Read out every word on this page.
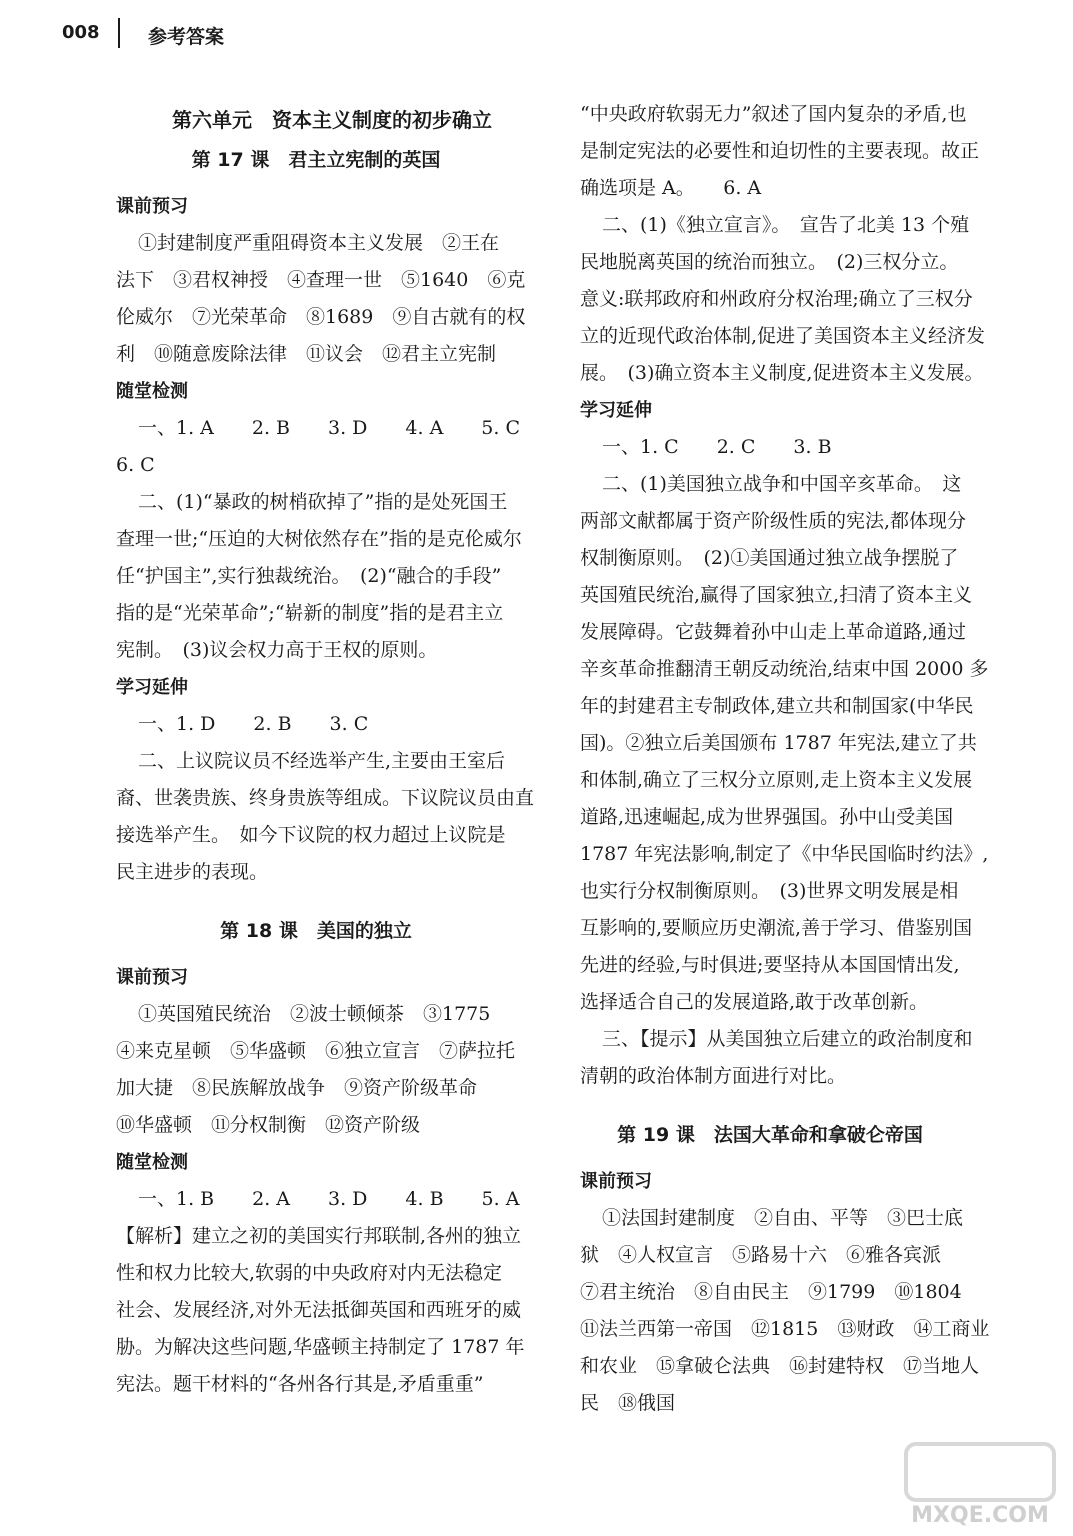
008	参考答案
第六单元　资本主义制度的初步确立
第 17 课　君主立宪制的英国
课前预习
①封建制度严重阻碍资本主义发展　②王在
法下　③君权神授　④查理一世　⑤1640　⑥克
伦威尔　⑦光荣革命　⑧1689　⑨自古就有的权
利　⑩随意废除法律　⑪议会　⑫君主立宪制
随堂检测
一、1. A　　2. B　　3. D　　4. A　　5. C
6. C
二、(1)“暴政的树梢砍掉了”指的是处死国王
查理一世;“压迫的大树依然存在”指的是克伦威尔
任“护国主”,实行独裁统治。　(2)“融合的手段”
指的是“光荣革命”;“崭新的制度”指的是君主立
宪制。　(3)议会权力高于王权的原则。
学习延伸
一、1. D　　2. B　　3. C
二、上议院议员不经选举产生,主要由王室后
裔、世袭贵族、终身贵族等组成。下议院议员由直
接选举产生。　如今下议院的权力超过上议院是
民主进步的表现。
第 18 课　美国的独立
课前预习
①英国殖民统治　②波士顿倾茶　③1775
④来克星顿　⑤华盛顿　⑥独立宣言　⑦萨拉托
加大捷　⑧民族解放战争　⑨资产阶级革命
⑩华盛顿　⑪分权制衡　⑫资产阶级
随堂检测
一、1. B　　2. A　　3. D　　4. B　　5. A
【解析】建立之初的美国实行邦联制,各州的独立
性和权力比较大,软弱的中央政府对内无法稳定
社会、发展经济,对外无法抵御英国和西班牙的威
胁。为解决这些问题,华盛顿主持制定了 1787 年
宪法。题干材料的“各州各行其是,矛盾重重”
“中央政府软弱无力”叙述了国内复杂的矛盾,也
是制定宪法的必要性和迫切性的主要表现。故正
确选项是 A。　　6. A
二、(1)《独立宣言》。　宣告了北美 13 个殖
民地脱离英国的统治而独立。　(2)三权分立。
意义:联邦政府和州政府分权治理;确立了三权分
立的近现代政治体制,促进了美国资本主义经济发
展。　(3)确立资本主义制度,促进资本主义发展。
学习延伸
一、1. C　　2. C　　3. B
二、(1)美国独立战争和中国辛亥革命。　这
两部文献都属于资产阶级性质的宪法,都体现分
权制衡原则。　(2)①美国通过独立战争摆脱了
英国殖民统治,赢得了国家独立,扫清了资本主义
发展障碍。它鼓舞着孙中山走上革命道路,通过
辛亥革命推翻清王朝反动统治,结束中国 2000 多
年的封建君主专制政体,建立共和制国家(中华民
国)。②独立后美国颁布 1787 年宪法,建立了共
和体制,确立了三权分立原则,走上资本主义发展
道路,迅速崛起,成为世界强国。孙中山受美国
1787 年宪法影响,制定了《中华民国临时约法》,
也实行分权制衡原则。　(3)世界文明发展是相
互影响的,要顺应历史潮流,善于学习、借鉴别国
先进的经验,与时俱进;要坚持从本国国情出发,
选择适合自己的发展道路,敢于改革创新。
三、【提示】从美国独立后建立的政治制度和
清朝的政治体制方面进行对比。
第 19 课　法国大革命和拿破仑帝国
课前预习
①法国封建制度　②自由、平等　③巴士底
狱　④人权宣言　⑤路易十六　⑥雅各宾派
⑦君主统治　⑧自由民主　⑨1799　⑩1804
⑪法兰西第一帝国　⑫1815　⑬财政　⑭工商业
和农业　⑮拿破仑法典　⑯封建特权　⑰当地人
民　⑱俄国
MXQE.COM
